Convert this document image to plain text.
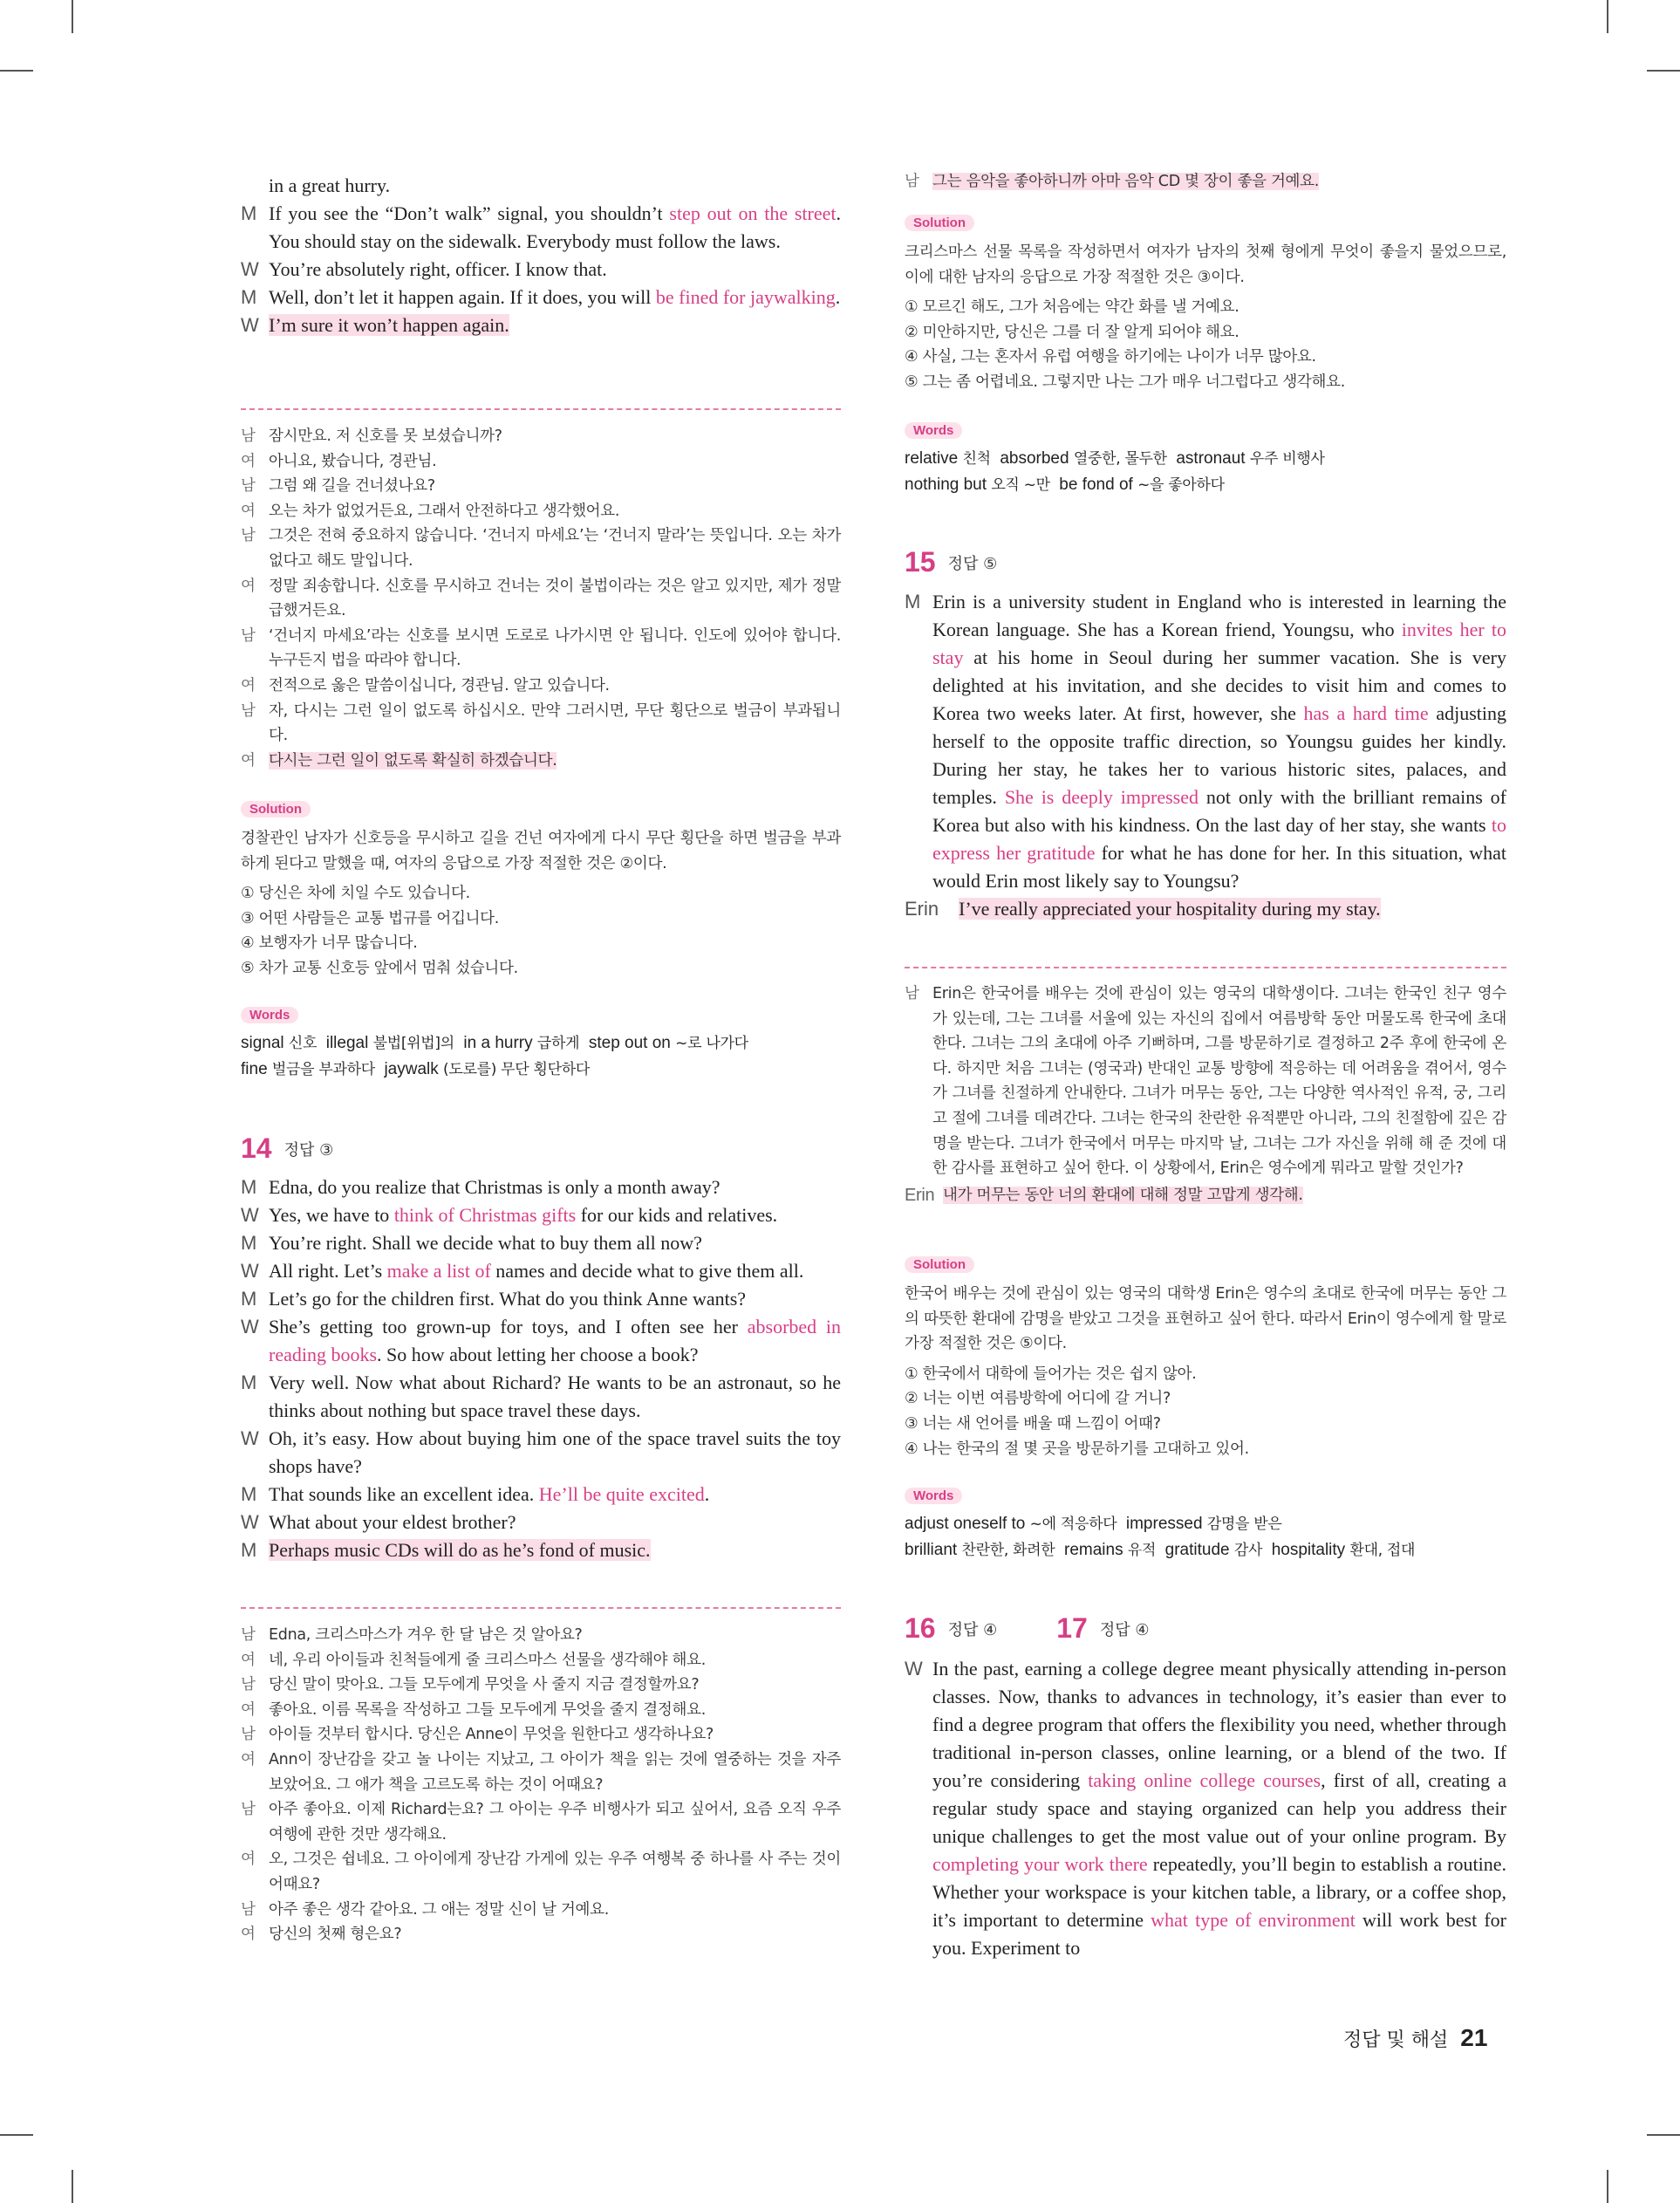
in a great hurry.
M If you see the “Don’t walk” signal, you shouldn’t step out on the street. You should stay on the sidewalk. Everybody must follow the laws.
W You’re absolutely right, officer. I know that.
M Well, don’t let it happen again. If it does, you will be fined for jaywalking.
W I’m sure it won’t happen again.
남 잠시만요. 저 신호를 못 보셨습니까?
여 아니요, 봤습니다, 경관님.
남 그럼 왜 길을 건너셨나요?
여 오는 차가 없었거든요, 그래서 안전하다고 생각했어요.
남 그것은 전혀 중요하지 않습니다. ‘건너지 마세요’는 ‘건너지 말라’는 뜻입니다. 오는 차가 없다고 해도 말입니다.
여 정말 죄송합니다. 신호를 무시하고 건너는 것이 불법이라는 것은 알고 있지만, 제가 정말 급했거든요.
남 ‘건너지 마세요’라는 신호를 보시면 도로로 나가시면 안 됩니다. 인도에 있어야 합니다. 누구든지 법을 따라야 합니다.
여 전적으로 옳은 말씀이십니다, 경관님. 알고 있습니다.
남 자, 다시는 그런 일이 없도록 하십시오. 만약 그러시면, 무단 횡단으로 벌금이 부과됩니다.
여 다시는 그런 일이 없도록 확실히 하겠습니다.
Solution
경찰관인 남자가 신호등을 무시하고 길을 건넌 여자에게 다시 무단 횡단을 하면 벌금을 부과하게 된다고 말했을 때, 여자의 응답으로 가장 적절한 것은 ②이다.
① 당신은 차에 치일 수도 있습니다.
③ 어떤 사람들은 교통 법규를 어깁니다.
④ 보행자가 너무 많습니다.
⑤ 차가 교통 신호등 앞에서 멈춰 섰습니다.
Words
signal 신호  illegal 불법[위법]의  in a hurry 급하게  step out on ~로 나가다
fine 벌금을 부과하다  jaywalk (도로를) 무단 횡단하다
14 정답 ③
M Edna, do you realize that Christmas is only a month away?
W Yes, we have to think of Christmas gifts for our kids and relatives.
M You’re right. Shall we decide what to buy them all now?
W All right. Let’s make a list of names and decide what to give them all.
M Let’s go for the children first. What do you think Anne wants?
W She’s getting too grown-up for toys, and I often see her absorbed in reading books. So how about letting her choose a book?
M Very well. Now what about Richard? He wants to be an astronaut, so he thinks about nothing but space travel these days.
W Oh, it’s easy. How about buying him one of the space travel suits the toy shops have?
M That sounds like an excellent idea. He’ll be quite excited.
W What about your eldest brother?
M Perhaps music CDs will do as he’s fond of music.
남 Edna, 크리스마스가 겨우 한 달 남은 것 알아요?
여 네, 우리 아이들과 친척들에게 줄 크리스마스 선물을 생각해야 해요.
남 당신 말이 맞아요. 그들 모두에게 무엇을 사 줄지 지금 결정할까요?
여 좋아요. 이름 목록을 작성하고 그들 모두에게 무엇을 줄지 결정해요.
남 아이들 것부터 합시다. 당신은 Anne이 무엇을 원한다고 생각하나요?
여 Ann이 장난감을 갖고 놀 나이는 지났고, 그 아이가 책을 읽는 것에 열중하는 것을 자주 보았어요. 그 애가 책을 고르도록 하는 것이 어때요?
남 아주 좋아요. 이제 Richard는요? 그 아이는 우주 비행사가 되고 싶어서, 요즘 오직 우주 여행에 관한 것만 생각해요.
여 오, 그것은 쉽네요. 그 아이에게 장난감 가게에 있는 우주 여행복 중 하나를 사 주는 것이 어때요?
남 아주 좋은 생각 같아요. 그 애는 정말 신이 날 거예요.
여 당신의 첫째 형은요?
남 그는 음악을 좋아하니까 아마 음악 CD 몇 장이 좋을 거예요.
Solution
크리스마스 선물 목록을 작성하면서 여자가 남자의 첫째 형에게 무엇이 좋을지 물었으므로, 이에 대한 남자의 응답으로 가장 적절한 것은 ③이다.
① 모르긴 해도, 그가 처음에는 약간 화를 낼 거예요.
② 미안하지만, 당신은 그를 더 잘 알게 되어야 해요.
④ 사실, 그는 혼자서 유럽 여행을 하기에는 나이가 너무 많아요.
⑤ 그는 좀 어렵네요. 그렇지만 나는 그가 매우 너그럽다고 생각해요.
Words
relative 친척  absorbed 열중한, 몰두한  astronaut 우주 비행사
nothing but 오직 ~만  be fond of ~을 좋아하다
15 정답 ⑤
M Erin is a university student in England who is interested in learning the Korean language. She has a Korean friend, Youngsu, who invites her to stay at his home in Seoul during her summer vacation. She is very delighted at his invitation, and she decides to visit him and comes to Korea two weeks later. At first, however, she has a hard time adjusting herself to the opposite traffic direction, so Youngsu guides her kindly. During her stay, he takes her to various historic sites, palaces, and temples. She is deeply impressed not only with the brilliant remains of Korea but also with his kindness. On the last day of her stay, she wants to express her gratitude for what he has done for her. In this situation, what would Erin most likely say to Youngsu?
Erin	I’ve really appreciated your hospitality during my stay.
남 Erin은 한국어를 배우는 것에 관심이 있는 영국의 대학생이다. 그녀는 한국인 친구 영수가 있는데, 그는 그녀를 서울에 있는 자신의 집에서 여름방학 동안 머물도록 한국에 초대한다. 그녀는 그의 초대에 아주 기뻐하며, 그를 방문하기로 결정하고 2주 후에 한국에 온다. 하지만 처음 그녀는 (영국과) 반대인 교통 방향에 적응하는 데 어려움을 겪어서, 영수가 그녀를 친절하게 안내한다. 그녀가 머무는 동안, 그는 다양한 역사적인 유적, 궁, 그리고 절에 그녀를 데려간다. 그녀는 한국의 찬란한 유적뿐만 아니라, 그의 친절함에 깊은 감명을 받는다. 그녀가 한국에서 머무는 마지막 날, 그녀는 그가 자신을 위해 해 준 것에 대한 감사를 표현하고 싶어 한다. 이 상황에서, Erin은 영수에게 뭐라고 말할 것인가?
Erin 내가 머무는 동안 너의 환대에 대해 정말 고맙게 생각해.
Solution
한국어 배우는 것에 관심이 있는 영국의 대학생 Erin은 영수의 초대로 한국에 머무는 동안 그의 따뜻한 환대에 감명을 받았고 그것을 표현하고 싶어 한다. 따라서 Erin이 영수에게 할 말로 가장 적절한 것은 ⑤이다.
① 한국에서 대학에 들어가는 것은 쉽지 않아.
② 너는 이번 여름방학에 어디에 갈 거니?
③ 너는 새 언어를 배울 때 느낌이 어때?
④ 나는 한국의 절 몇 곳을 방문하기를 고대하고 있어.
Words
adjust oneself to ~에 적응하다  impressed 감명을 받은
brilliant 찬란한, 화려한  remains 유적  gratitude 감사  hospitality 환대, 접대
16 정답 ④ 17 정답 ④
W In the past, earning a college degree meant physically attending in-person classes. Now, thanks to advances in technology, it’s easier than ever to find a degree program that offers the flexibility you need, whether through traditional in-person classes, online learning, or a blend of the two. If you’re considering taking online college courses, first of all, creating a regular study space and staying organized can help you address their unique challenges to get the most value out of your online program. By completing your work there repeatedly, you’ll begin to establish a routine. Whether your workspace is your kitchen table, a library, or a coffee shop, it’s important to determine what type of environment will work best for you. Experiment to
정답 및 해설 21
